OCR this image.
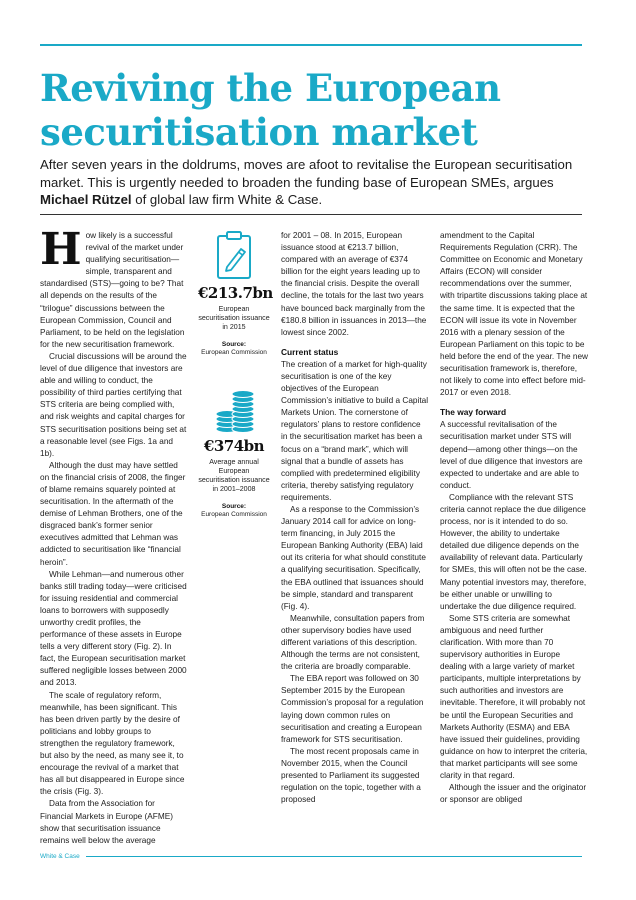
Reviving the European
securitisation market

After seven years in the doldrums, moves are afoot to revitalise the European securitisation market. This is urgently needed to broaden the funding base of European SMEs, argues Michael Rützel of global law firm White & Case.

How likely is a successful revival of the market under qualifying securitisation—simple, transparent and standardised (STS)—going to be? That all depends on the results of the “trilogue” discussions between the European Commission, Council and Parliament, to be held on the legislation for the new securitisation framework.

Crucial discussions will be around the level of due diligence that investors are able and willing to conduct, the possibility of third parties certifying that STS criteria are being complied with, and risk weights and capital charges for STS securitisation positions being set at a reasonable level (see Figs. 1a and 1b).

Although the dust may have settled on the financial crisis of 2008, the finger of blame remains squarely pointed at securitisation. In the aftermath of the demise of Lehman Brothers, one of the disgraced bank’s former senior executives admitted that Lehman was addicted to securitisation like “financial heroin”.

While Lehman—and numerous other banks still trading today—were criticised for issuing residential and commercial loans to borrowers with supposedly unworthy credit profiles, the performance of these assets in Europe tells a very different story (Fig. 2). In fact, the European securitisation market suffered negligible losses between 2000 and 2013.

The scale of regulatory reform, meanwhile, has been significant. This has been driven partly by the desire of politicians and lobby groups to strengthen the regulatory framework, but also by the need, as many see it, to encourage the revival of a market that has all but disappeared in Europe since the crisis (Fig. 3).

Data from the Association for Financial Markets in Europe (AFME) show that securitisation issuance remains well below the average

€213.7bn
European securitisation issuance in 2015
Source:
European Commission
€374bn
Average annual European securitisation issuance in 2001–2008
Source:
European Commission

for 2001 – 08. In 2015, European issuance stood at €213.7 billion, compared with an average of €374 billion for the eight years leading up to the financial crisis. Despite the overall decline, the totals for the last two years have bounced back marginally from the €180.8 billion in issuances in 2013—the lowest since 2002.

Current status

The creation of a market for high-quality securitisation is one of the key objectives of the European Commission’s initiative to build a Capital Markets Union. The cornerstone of regulators’ plans to restore confidence in the securitisation market has been a focus on a “brand mark”, which will signal that a bundle of assets has complied with predetermined eligibility criteria, thereby satisfying regulatory requirements.

As a response to the Commission’s January 2014 call for advice on long-term financing, in July 2015 the European Banking Authority (EBA) laid out its criteria for what should constitute a qualifying securitisation. Specifically, the EBA outlined that issuances should be simple, standard and transparent (Fig. 4).

Meanwhile, consultation papers from other supervisory bodies have used different variations of this description. Although the terms are not consistent, the criteria are broadly comparable.

The EBA report was followed on 30 September 2015 by the European Commission’s proposal for a regulation laying down common rules on securitisation and creating a European framework for STS securitisation.

The most recent proposals came in November 2015, when the Council presented to Parliament its suggested regulation on the topic, together with a proposed

amendment to the Capital Requirements Regulation (CRR). The Committee on Economic and Monetary Affairs (ECON) will consider recommendations over the summer, with tripartite discussions taking place at the same time. It is expected that the ECON will issue its vote in November 2016 with a plenary session of the European Parliament on this topic to be held before the end of the year. The new securitisation framework is, therefore, not likely to come into effect before mid-2017 or even 2018.

The way forward

A successful revitalisation of the securitisation market under STS will depend—among other things—on the level of due diligence that investors are expected to undertake and are able to conduct.

Compliance with the relevant STS criteria cannot replace the due diligence process, nor is it intended to do so. However, the ability to undertake detailed due diligence depends on the availability of relevant data. Particularly for SMEs, this will often not be the case. Many potential investors may, therefore, be either unable or unwilling to undertake the due diligence required.

Some STS criteria are somewhat ambiguous and need further clarification. With more than 70 supervisory authorities in Europe dealing with a large variety of market participants, multiple interpretations by such authorities and investors are inevitable. Therefore, it will probably not be until the European Securities and Markets Authority (ESMA) and EBA have issued their guidelines, providing guidance on how to interpret the criteria, that market participants will see some clarity in that regard.

Although the issuer and the originator or sponsor are obliged

White & Case
